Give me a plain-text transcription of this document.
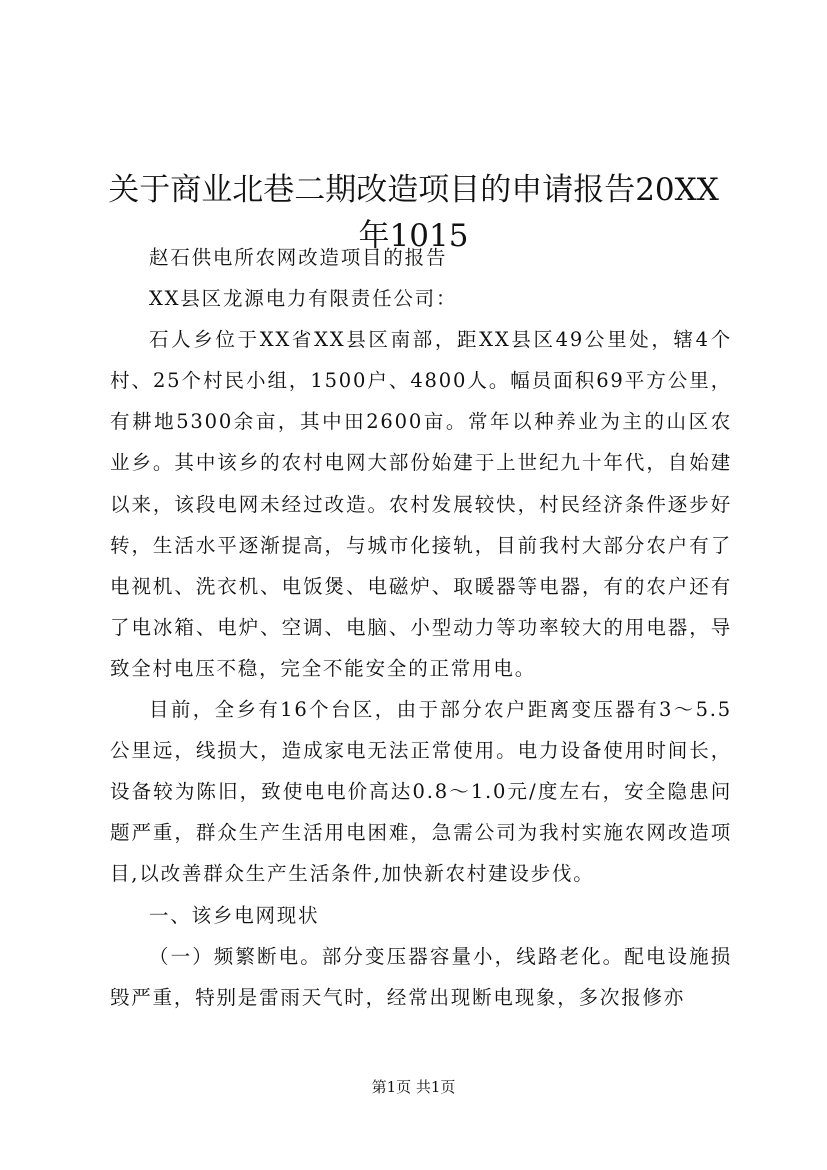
关于商业北巷二期改造项目的申请报告20XX年1015

赵石供电所农网改造项目的报告

XX县区龙源电力有限责任公司：

石人乡位于XX省XX县区南部，距XX县区49公里处，辖4个村、25个村民小组，1500户、4800人。幅员面积69平方公里，有耕地5300余亩，其中田2600亩。常年以种养业为主的山区农业乡。其中该乡的农村电网大部份始建于上世纪九十年代，自始建以来，该段电网未经过改造。农村发展较快，村民经济条件逐步好转，生活水平逐渐提高，与城市化接轨，目前我村大部分农户有了电视机、洗衣机、电饭煲、电磁炉、取暖器等电器，有的农户还有了电冰箱、电炉、空调、电脑、小型动力等功率较大的用电器，导致全村电压不稳，完全不能安全的正常用电。

目前，全乡有16个台区，由于部分农户距离变压器有3～5.5公里远，线损大，造成家电无法正常使用。电力设备使用时间长，设备较为陈旧，致使电电价高达0.8～1.0元/度左右，安全隐患问题严重，群众生产生活用电困难，急需公司为我村实施农网改造项目,以改善群众生产生活条件,加快新农村建设步伐。

一、该乡电网现状

（一）频繁断电。部分变压器容量小，线路老化。配电设施损毁严重，特别是雷雨天气时，经常出现断电现象，多次报修亦

第1页 共1页
